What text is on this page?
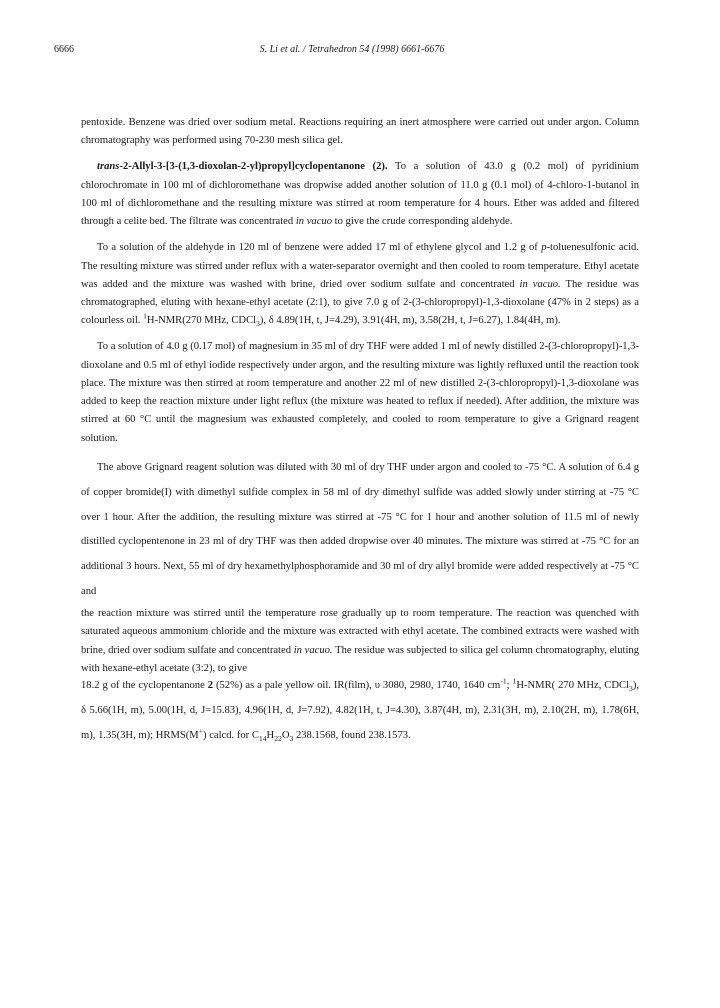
6666	S. Li et al. / Tetrahedron 54 (1998) 6661-6676

pentoxide. Benzene was dried over sodium metal. Reactions requiring an inert atmosphere were carried out under argon. Column chromatography was performed using 70-230 mesh silica gel.

trans-2-Allyl-3-[3-(1,3-dioxolan-2-yl)propyl]cyclopentanone (2). To a solution of 43.0 g (0.2 mol) of pyridinium chlorochromate in 100 ml of dichloromethane was dropwise added another solution of 11.0 g (0.1 mol) of 4-chloro-1-butanol in 100 ml of dichloromethane and the resulting mixture was stirred at room temperature for 4 hours. Ether was added and filtered through a celite bed. The filtrate was concentrated in vacuo to give the crude corresponding aldehyde.

To a solution of the aldehyde in 120 ml of benzene were added 17 ml of ethylene glycol and 1.2 g of p-toluenesulfonic acid. The resulting mixture was stirred under reflux with a water-separator overnight and then cooled to room temperature. Ethyl acetate was added and the mixture was washed with brine, dried over sodium sulfate and concentrated in vacuo. The residue was chromatographed, eluting with hexane-ethyl acetate (2:1), to give 7.0 g of 2-(3-chloropropyl)-1,3-dioxolane (47% in 2 steps) as a colourless oil. $^1$H-NMR(270 MHz, CDCl$_3$), δ 4.89(1H, t, J=4.29), 3.91(4H, m), 3.58(2H, t, J=6.27), 1.84(4H, m).

To a solution of 4.0 g (0.17 mol) of magnesium in 35 ml of dry THF were added 1 ml of newly distilled 2-(3-chloropropyl)-1,3-dioxolane and 0.5 ml of ethyl iodide respectively under argon, and the resulting mixture was lightly refluxed until the reaction took place. The mixture was then stirred at room temperature and another 22 ml of new distilled 2-(3-chloropropyl)-1,3-dioxolane was added to keep the reaction mixture under light reflux (the mixture was heated to reflux if needed). After addition, the mixture was stirred at 60 °C until the magnesium was exhausted completely, and cooled to room temperature to give a Grignard reagent solution.

The above Grignard reagent solution was diluted with 30 ml of dry THF under argon and cooled to -75 °C. A solution of 6.4 g of copper bromide(I) with dimethyl sulfide complex in 58 ml of dry dimethyl sulfide was added slowly under stirring at -75 °C over 1 hour. After the addition, the resulting mixture was stirred at -75 °C for 1 hour and another solution of 11.5 ml of newly distilled cyclopentenone in 23 ml of dry THF was then added dropwise over 40 minutes. The mixture was stirred at -75 °C for an additional 3 hours. Next, 55 ml of dry hexamethylphosphoramide and 30 ml of dry allyl bromide were added respectively at -75 °C and

the reaction mixture was stirred until the temperature rose gradually up to room temperature. The reaction was quenched with saturated aqueous ammonium chloride and the mixture was extracted with ethyl acetate. The combined extracts were washed with brine, dried over sodium sulfate and concentrated in vacuo. The residue was subjected to silica gel column chromatography, eluting with hexane-ethyl acetate (3:2), to give

18.2 g of the cyclopentanone 2 (52%) as a pale yellow oil. IR(film), υ 3080, 2980, 1740, 1640 $cm^{-1}$; $^1$H-NMR( 270 MHz, CDCl$_3$), δ 5.66(1H, m), 5.00(1H, d, J=15.83), 4.96(1H, d, J=7.92), 4.82(1H, t, J=4.30), 3.87(4H, m), 2.31(3H, m), 2.10(2H, m), 1.78(6H, m), 1.35(3H, m); HRMS(M+) calcd. for $C_{14}H_{22}O_3$ 238.1568, found 238.1573.
